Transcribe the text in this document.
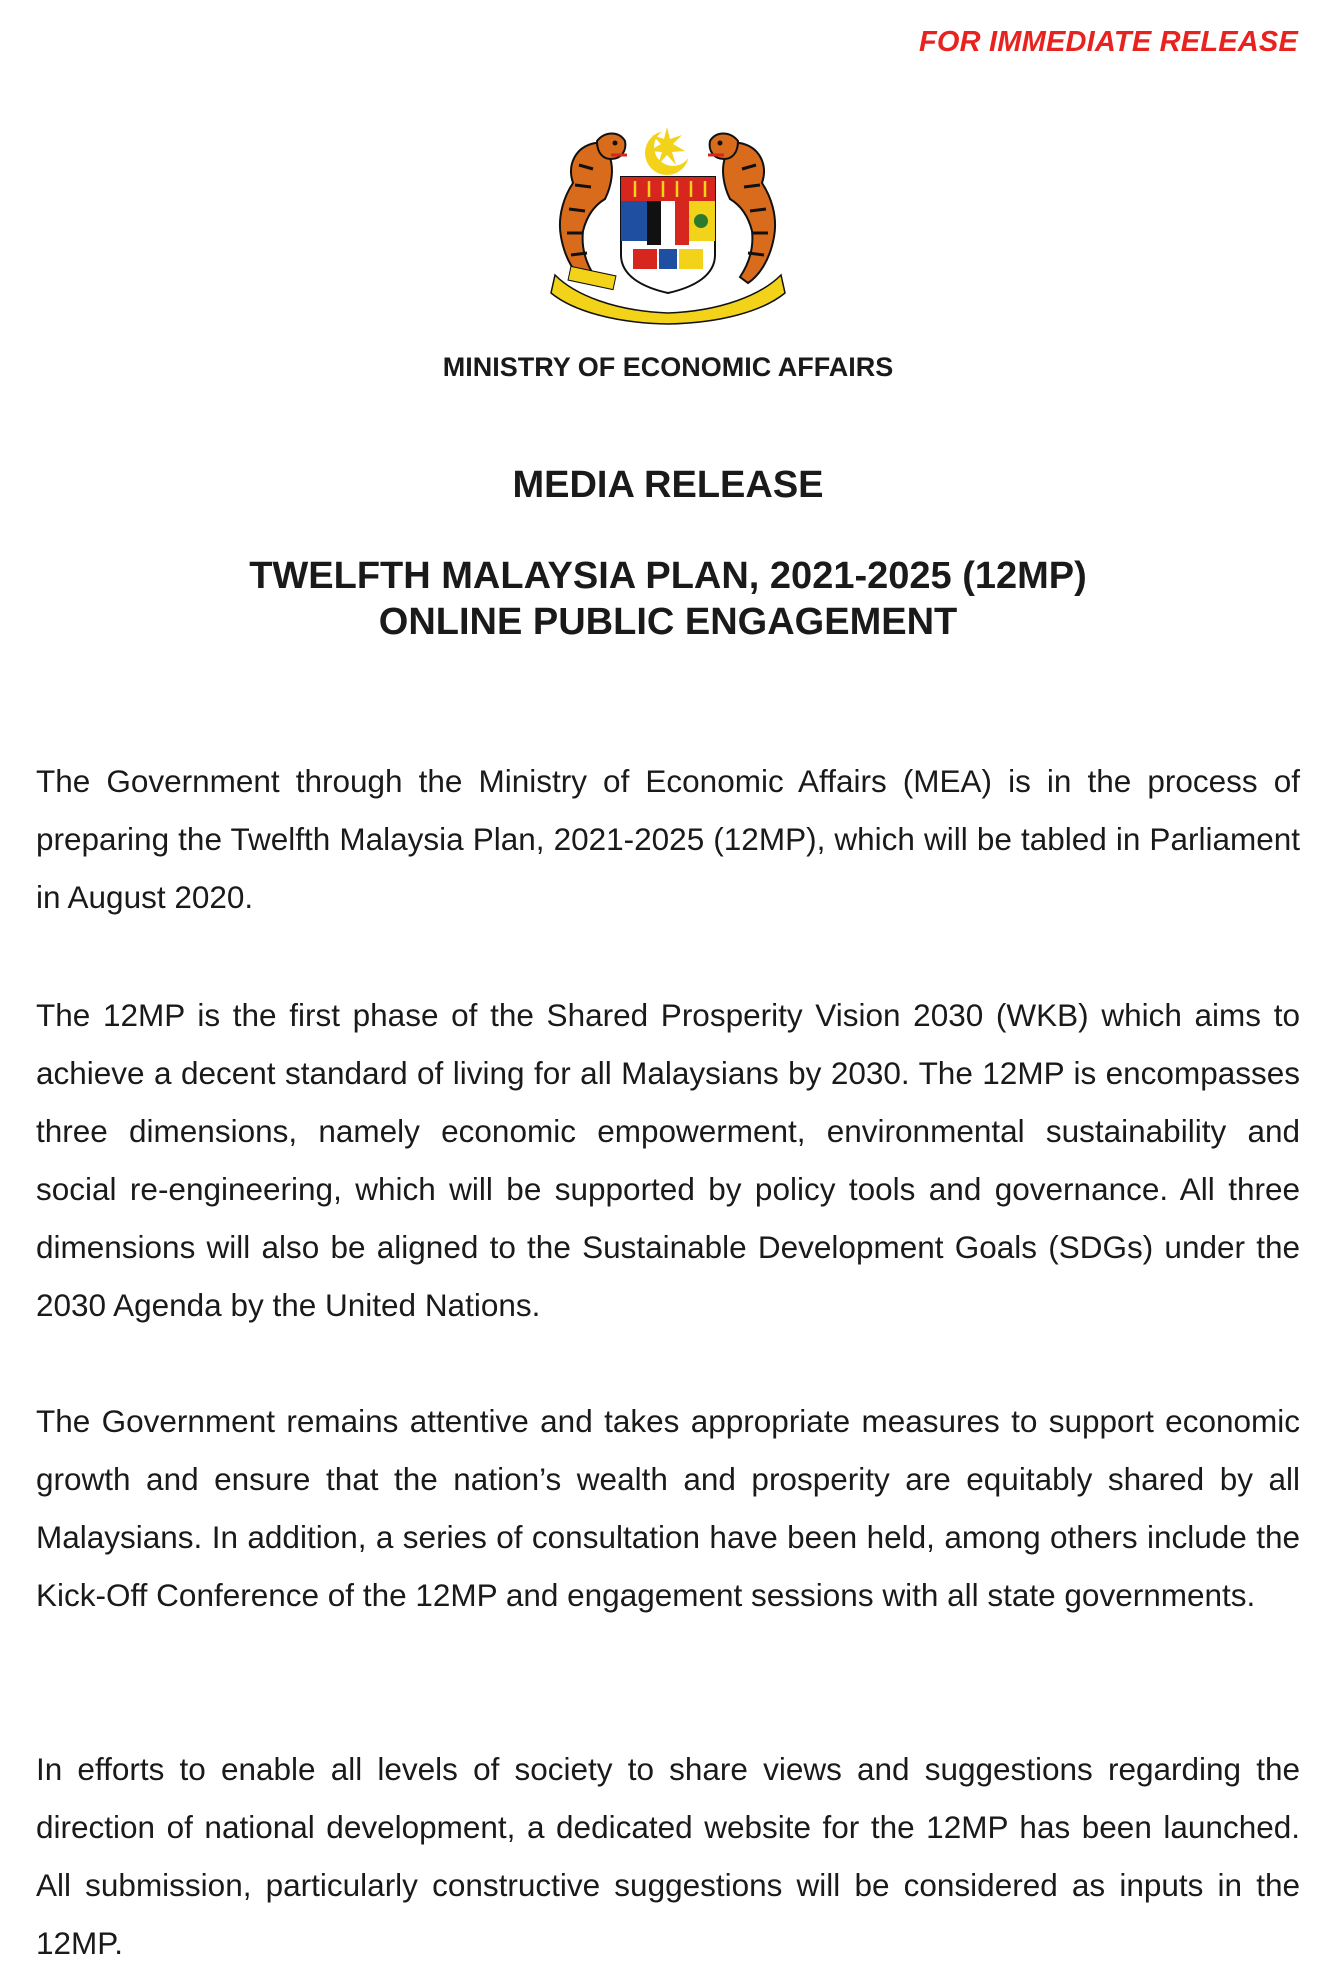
FOR IMMEDIATE RELEASE
MINISTRY OF ECONOMIC AFFAIRS
MEDIA RELEASE
TWELFTH MALAYSIA PLAN, 2021-2025 (12MP)
ONLINE PUBLIC ENGAGEMENT

The Government through the Ministry of Economic Affairs (MEA) is in the process of preparing the Twelfth Malaysia Plan, 2021-2025 (12MP), which will be tabled in Parliament in August 2020.

The 12MP is the first phase of the Shared Prosperity Vision 2030 (WKB) which aims to achieve a decent standard of living for all Malaysians by 2030. The 12MP is encompasses three dimensions, namely economic empowerment, environmental sustainability and social re-engineering, which will be supported by policy tools and governance. All three dimensions will also be aligned to the Sustainable Development Goals (SDGs) under the 2030 Agenda by the United Nations.

The Government remains attentive and takes appropriate measures to support economic growth and ensure that the nation’s wealth and prosperity are equitably shared by all Malaysians. In addition, a series of consultation have been held, among others include the Kick-Off Conference of the 12MP and engagement sessions with all state governments.

In efforts to enable all levels of society to share views and suggestions regarding the direction of national development, a dedicated website for the 12MP has been launched. All submission, particularly constructive suggestions will be considered as inputs in the 12MP.
